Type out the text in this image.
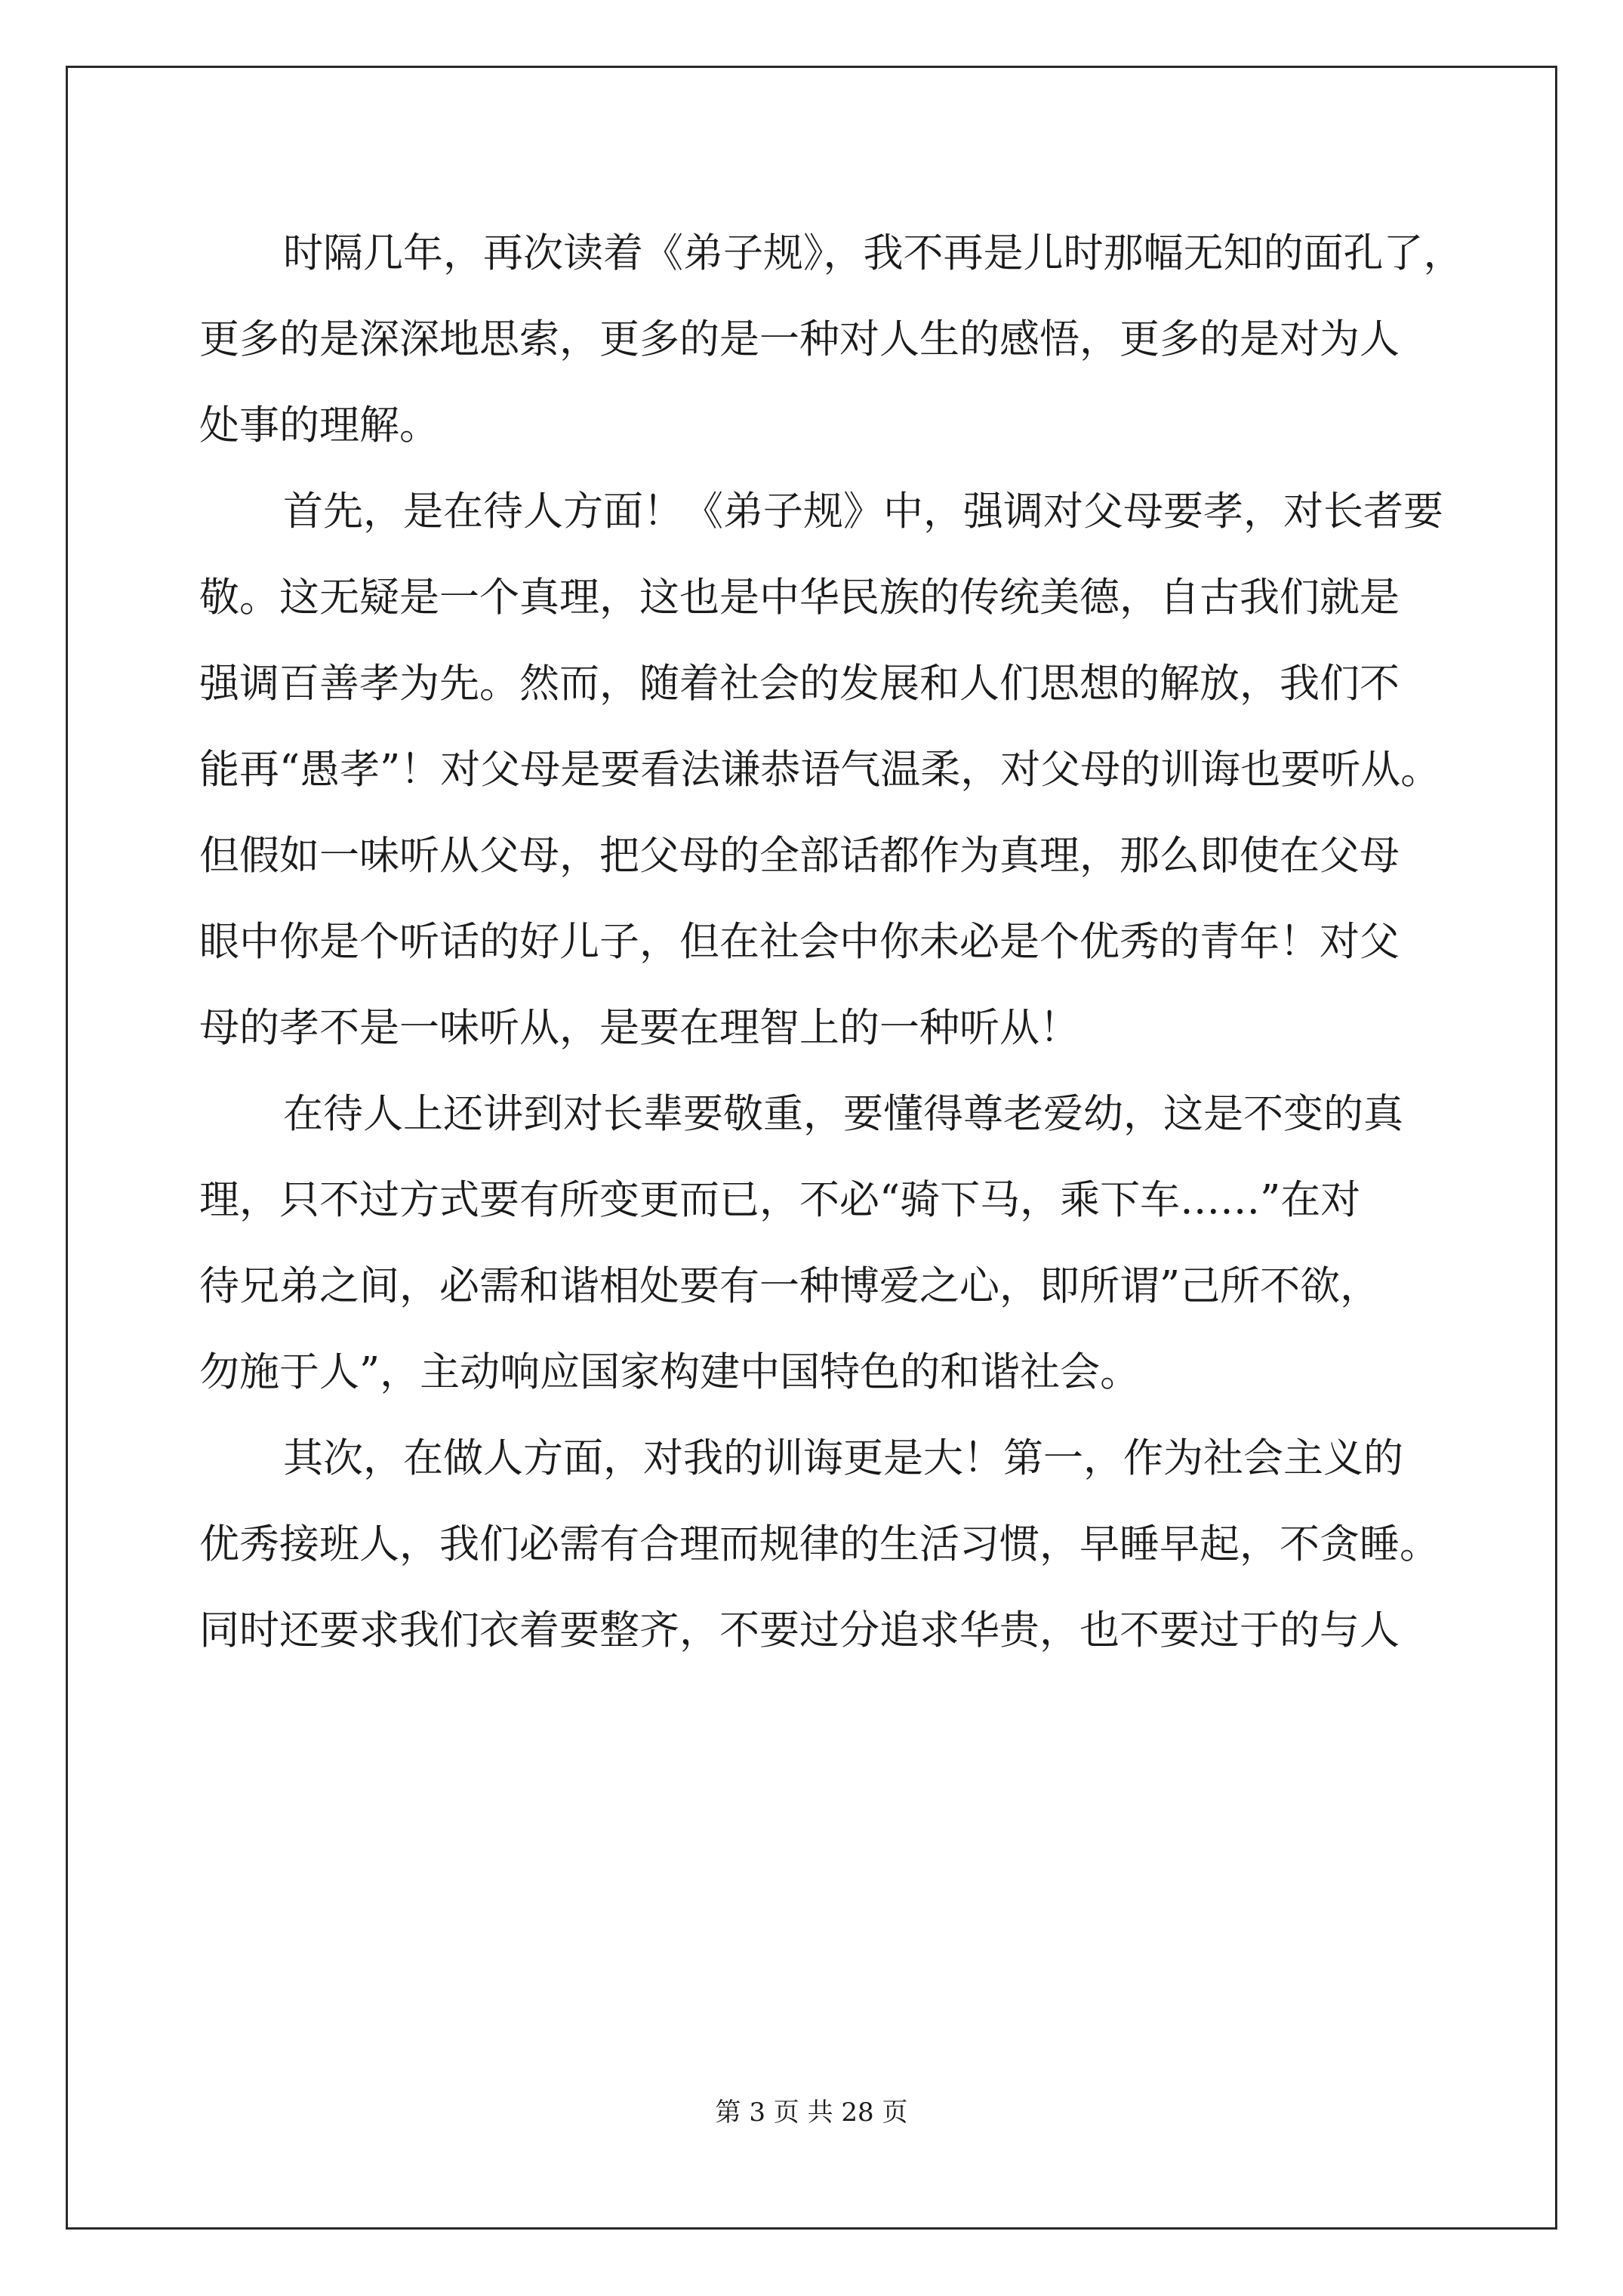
时隔几年，再次读着《弟子规》，我不再是儿时那幅无知的面孔了，
更多的是深深地思索，更多的是一种对人生的感悟，更多的是对为人
处事的理解。
首先，是在待人方面！《弟子规》中，强调对父母要孝，对长者要
敬。这无疑是一个真理，这也是中华民族的传统美德，自古我们就是
强调百善孝为先。然而，随着社会的发展和人们思想的解放，我们不
能再“愚孝”！对父母是要看法谦恭语气温柔，对父母的训诲也要听从。
但假如一味听从父母，把父母的全部话都作为真理，那么即使在父母
眼中你是个听话的好儿子，但在社会中你未必是个优秀的青年！对父
母的孝不是一味听从，是要在理智上的一种听从！
在待人上还讲到对长辈要敬重，要懂得尊老爱幼，这是不变的真
理，只不过方式要有所变更而已，不必“骑下马，乘下车……”在对
待兄弟之间，必需和谐相处要有一种博爱之心，即所谓”己所不欲，
勿施于人”，主动响应国家构建中国特色的和谐社会。
其次，在做人方面，对我的训诲更是大！第一，作为社会主义的
优秀接班人，我们必需有合理而规律的生活习惯，早睡早起，不贪睡。
同时还要求我们衣着要整齐，不要过分追求华贵，也不要过于的与人
第 3 页 共 28 页
